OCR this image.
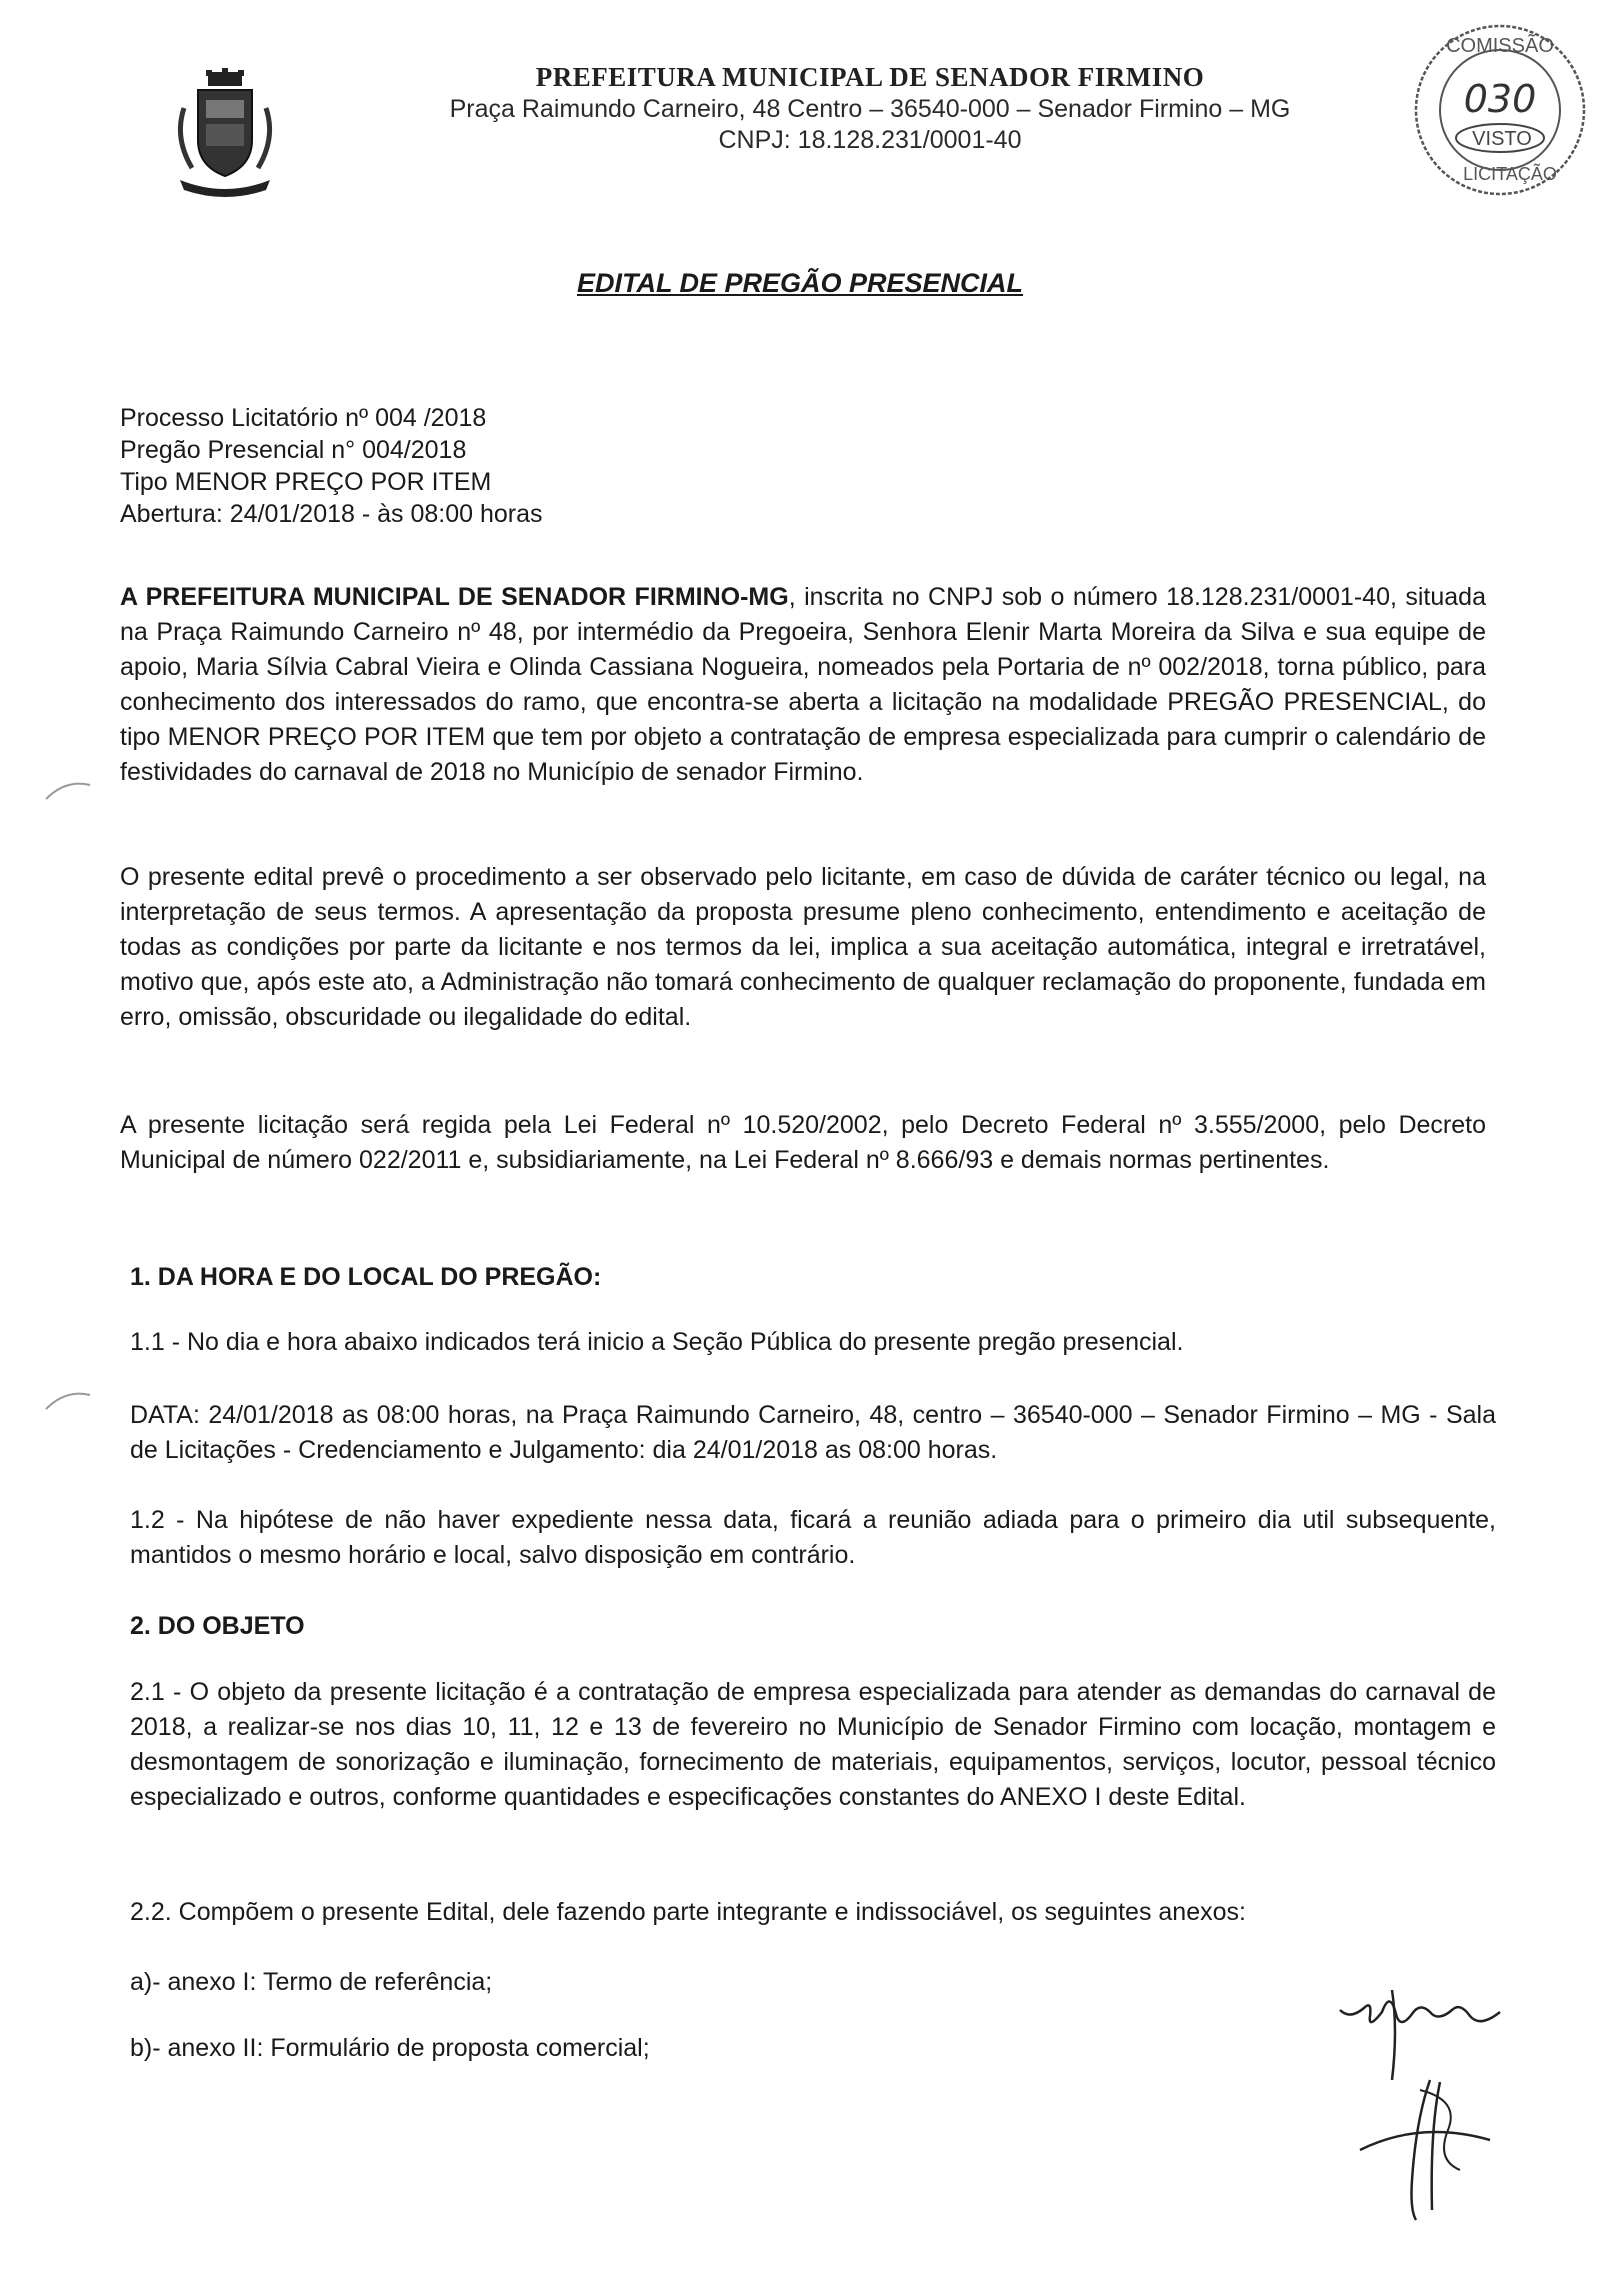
PREFEITURA MUNICIPAL DE SENADOR FIRMINO
Praça Raimundo Carneiro, 48 Centro – 36540-000 – Senador Firmino – MG
CNPJ: 18.128.231/0001-40
COMISSÃO
030
VISTO
LICITAÇÃO
EDITAL DE PREGÃO PRESENCIAL
Processo Licitatório nº 004 /2018
Pregão Presencial n° 004/2018
Tipo MENOR PREÇO POR ITEM
Abertura: 24/01/2018 - às 08:00 horas
A PREFEITURA MUNICIPAL DE SENADOR FIRMINO-MG, inscrita no CNPJ sob o número 18.128.231/0001-40, situada na Praça Raimundo Carneiro nº 48, por intermédio da Pregoeira, Senhora Elenir Marta Moreira da Silva e sua equipe de apoio, Maria Sílvia Cabral Vieira e Olinda Cassiana Nogueira, nomeados pela Portaria de nº 002/2018, torna público, para conhecimento dos interessados do ramo, que encontra-se aberta a licitação na modalidade PREGÃO PRESENCIAL, do tipo MENOR PREÇO POR ITEM que tem por objeto a contratação de empresa especializada para cumprir o calendário de festividades do carnaval de 2018 no Município de senador Firmino.
O presente edital prevê o procedimento a ser observado pelo licitante, em caso de dúvida de caráter técnico ou legal, na interpretação de seus termos. A apresentação da proposta presume pleno conhecimento, entendimento e aceitação de todas as condições por parte da licitante e nos termos da lei, implica a sua aceitação automática, integral e irretratável, motivo que, após este ato, a Administração não tomará conhecimento de qualquer reclamação do proponente, fundada em erro, omissão, obscuridade ou ilegalidade do edital.
A presente licitação será regida pela Lei Federal nº 10.520/2002, pelo Decreto Federal nº 3.555/2000, pelo Decreto Municipal de número 022/2011 e, subsidiariamente, na Lei Federal nº 8.666/93 e demais normas pertinentes.
1. DA HORA E DO LOCAL DO PREGÃO:
1.1 - No dia e hora abaixo indicados terá inicio a Seção Pública do presente pregão presencial.
DATA: 24/01/2018 as 08:00 horas, na Praça Raimundo Carneiro, 48, centro – 36540-000 – Senador Firmino – MG - Sala de Licitações - Credenciamento e Julgamento: dia 24/01/2018 as 08:00 horas.
1.2 - Na hipótese de não haver expediente nessa data, ficará a reunião adiada para o primeiro dia util subsequente, mantidos o mesmo horário e local, salvo disposição em contrário.
2. DO OBJETO
2.1 - O objeto da presente licitação é a contratação de empresa especializada para atender as demandas do carnaval de 2018, a realizar-se nos dias 10, 11, 12 e 13 de fevereiro no Município de Senador Firmino com locação, montagem e desmontagem de sonorização e iluminação, fornecimento de materiais, equipamentos, serviços, locutor, pessoal técnico especializado e outros, conforme quantidades e especificações constantes do ANEXO I deste Edital.
2.2. Compõem o presente Edital, dele fazendo parte integrante e indissociável, os seguintes anexos:
a)- anexo I: Termo de referência;
b)- anexo II: Formulário de proposta comercial;
